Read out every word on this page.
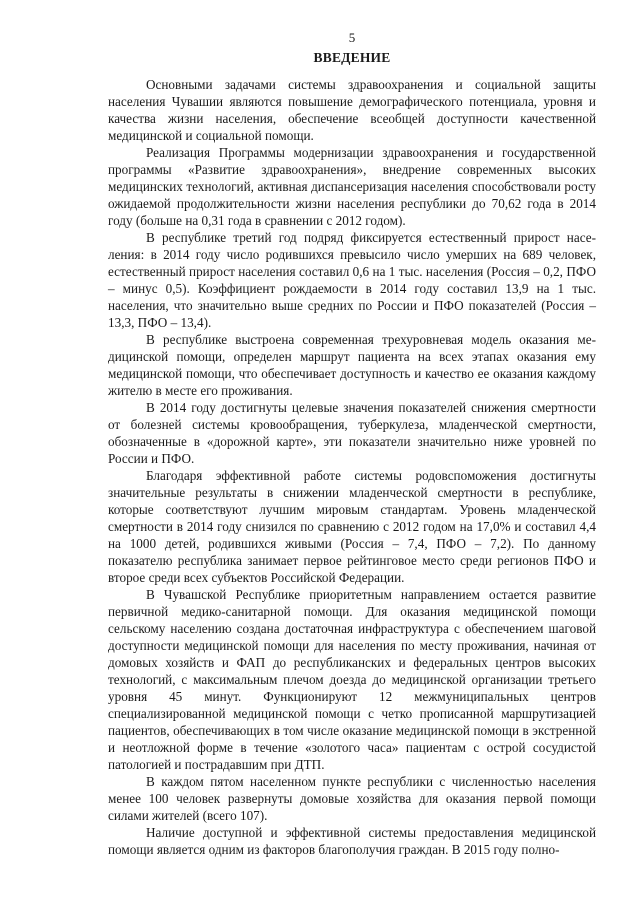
5
ВВЕДЕНИЕ

Основными задачами системы здравоохранения и социальной защиты населения Чувашии являются повышение демографического потенциала, уровня и качества жизни населения, обеспечение всеобщей доступности качественной медицинской и социальной помощи.

Реализация Программы модернизации здравоохранения и государственной программы «Развитие здравоохранения», внедрение современных высоких медицинских технологий, активная диспансеризация населения способствовали росту ожидаемой продолжительности жизни населения республики до 70,62 года в 2014 году (больше на 0,31 года в сравнении с 2012 годом).

В республике третий год подряд фиксируется естественный прирост населения: в 2014 году число родившихся превысило число умерших на 689 человек, естественный прирост населения составил 0,6 на 1 тыс. населения (Россия – 0,2, ПФО – минус 0,5). Коэффициент рождаемости в 2014 году составил 13,9 на 1 тыс. населения, что значительно выше средних по России и ПФО показателей (Россия – 13,3, ПФО – 13,4).

В республике выстроена современная трехуровневая модель оказания медицинской помощи, определен маршрут пациента на всех этапах оказания ему медицинской помощи, что обеспечивает доступность и качество ее оказания каждому жителю в месте его проживания.

В 2014 году достигнуты целевые значения показателей снижения смертности от болезней системы кровообращения, туберкулеза, младенческой смертности, обозначенные в «дорожной карте», эти показатели значительно ниже уровней по России и ПФО.

Благодаря эффективной работе системы родовспоможения достигнуты значительные результаты в снижении младенческой смертности в республике, которые соответствуют лучшим мировым стандартам. Уровень младенческой смертности в 2014 году снизился по сравнению с 2012 годом на 17,0% и составил 4,4 на 1000 детей, родившихся живыми (Россия – 7,4, ПФО – 7,2). По данному показателю республика занимает первое рейтинговое место среди регионов ПФО и второе среди всех субъектов Российской Федерации.

В Чувашской Республике приоритетным направлением остается развитие первичной медико-санитарной помощи. Для оказания медицинской помощи сельскому населению создана достаточная инфраструктура с обеспечением шаговой доступности медицинской помощи для населения по месту проживания, начиная от домовых хозяйств и ФАП до республиканских и федеральных центров высоких технологий, с максимальным плечом доезда до медицинской организации третьего уровня 45 минут. Функционируют 12 межмуниципальных центров специализированной медицинской помощи с четко прописанной маршрутизацией пациентов, обеспечивающих в том числе оказание медицинской помощи в экстренной и неотложной форме в течение «золотого часа» пациентам с острой сосудистой патологией и пострадавшим при ДТП.

В каждом пятом населенном пункте республики с численностью населения менее 100 человек развернуты домовые хозяйства для оказания первой помощи силами жителей (всего 107).

Наличие доступной и эффективной системы предоставления медицинской помощи является одним из факторов благополучия граждан. В 2015 году полно-
